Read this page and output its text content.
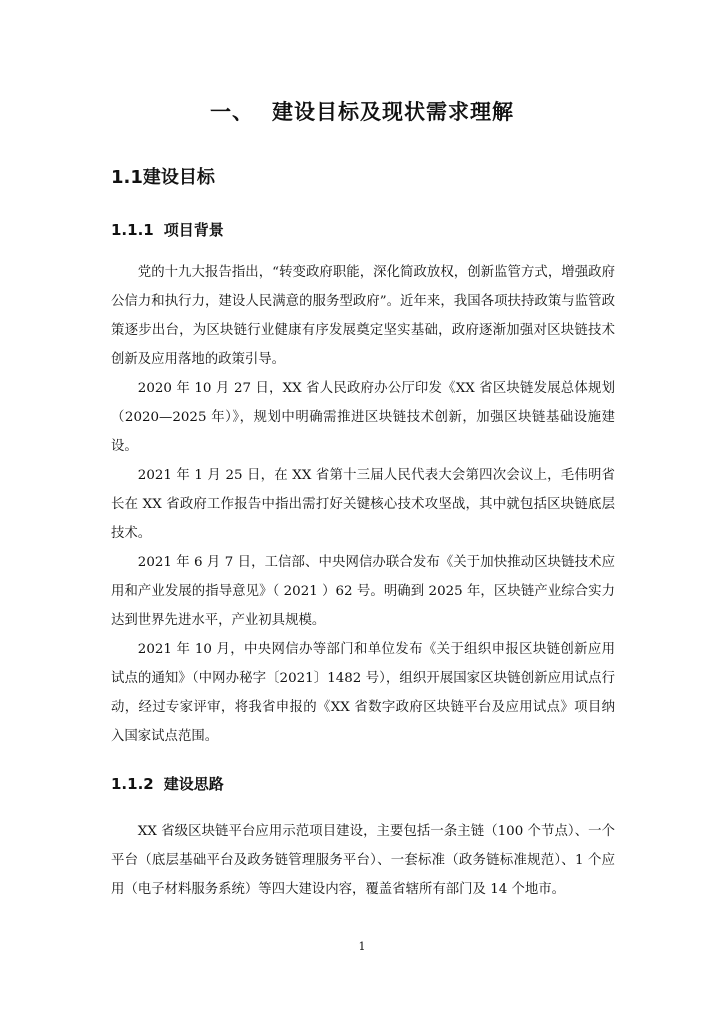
一、 建设目标及现状需求理解
1.1建设目标
1.1.1 项目背景

党的十九大报告指出，“转变政府职能，深化简政放权，创新监管方式，增强政府公信力和执行力，建设人民满意的服务型政府”。近年来，我国各项扶持政策与监管政策逐步出台，为区块链行业健康有序发展奠定坚实基础，政府逐渐加强对区块链技术创新及应用落地的政策引导。

2020 年 10 月 27 日，XX 省人民政府办公厅印发《XX 省区块链发展总体规划（2020—2025 年）》，规划中明确需推进区块链技术创新，加强区块链基础设施建设。

2021 年 1 月 25 日，在 XX 省第十三届人民代表大会第四次会议上，毛伟明省长在 XX 省政府工作报告中指出需打好关键核心技术攻坚战，其中就包括区块链底层技术。

2021 年 6 月 7 日，工信部、中央网信办联合发布《关于加快推动区块链技术应用和产业发展的指导意见》（ 2021 ）62 号。明确到 2025 年，区块链产业综合实力达到世界先进水平，产业初具规模。

2021 年 10 月，中央网信办等部门和单位发布《关于组织申报区块链创新应用试点的通知》（中网办秘字〔2021〕1482 号），组织开展国家区块链创新应用试点行动，经过专家评审，将我省申报的《XX 省数字政府区块链平台及应用试点》项目纳入国家试点范围。

1.1.2 建设思路

XX 省级区块链平台应用示范项目建设，主要包括一条主链（100 个节点）、一个平台（底层基础平台及政务链管理服务平台）、一套标准（政务链标准规范）、1 个应用（电子材料服务系统）等四大建设内容，覆盖省辖所有部门及 14 个地市。

1
